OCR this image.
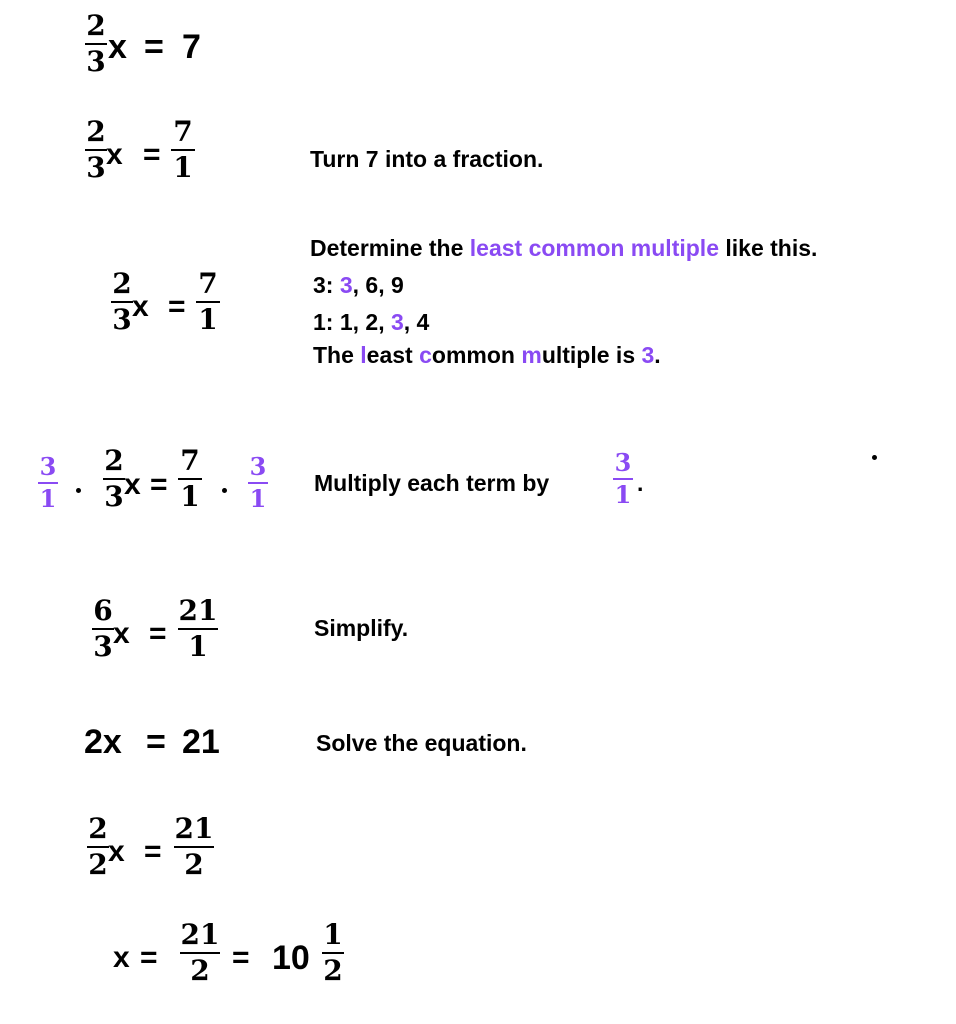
2
3 x = 7
2
3 x =
7
1	Turn 7 into a fraction.
2
3 x =
7
1
Determine the least common multiple like this.
3: 3, 6, 9
1: 1, 2, 3, 4
The least common multiple is 3.
3
1
2
3 x =
7
1
3
1
Multiply each term by
3
1 .
6
3 x =
21
1
Simplify.
2x = 21	Solve the equation.
2
2 x =
21
2
x =
21
2 = 10
1
2
